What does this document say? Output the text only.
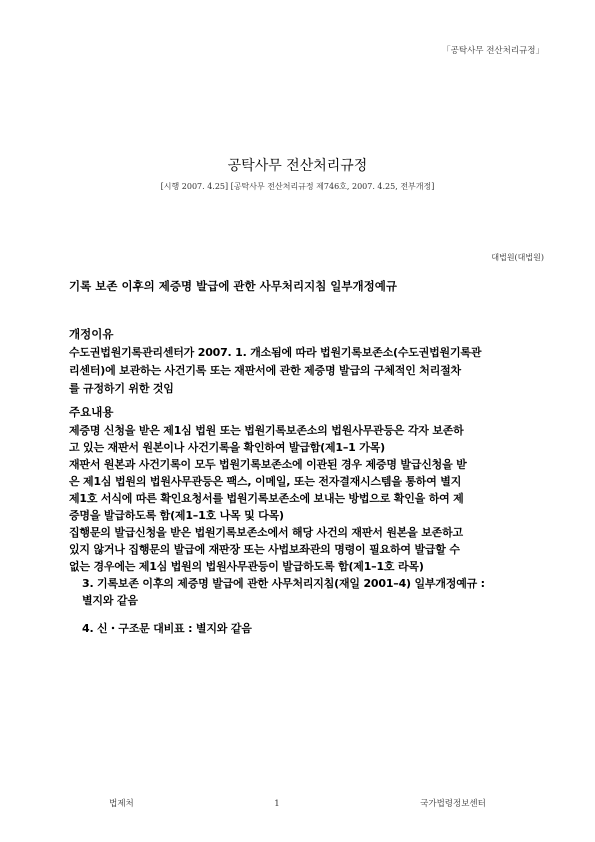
「공탁사무 전산처리규정」
공탁사무 전산처리규정
[시행 2007. 4.25] [공탁사무 전산처리규정 제746호, 2007. 4.25, 전부개정]
대법원(대법원)
기록 보존 이후의 제증명 발급에 관한 사무처리지침 일부개정예규
개정이유
수도권법원기록관리센터가 2007. 1. 개소됨에 따라 법원기록보존소(수도권법원기록관
리센터)에 보관하는 사건기록 또는 재판서에 관한 제증명 발급의 구체적인 처리절차
를 규정하기 위한 것임
주요내용
제증명 신청을 받은 제1심 법원 또는 법원기록보존소의 법원사무관등은 각자 보존하
고 있는 재판서 원본이나 사건기록을 확인하여 발급함(제1–1 가목)
재판서 원본과 사건기록이 모두 법원기록보존소에 이관된 경우 제증명 발급신청을 받
은 제1심 법원의 법원사무관등은 팩스, 이메일, 또는 전자결재시스템을 통하여 별지
제1호 서식에 따른 확인요청서를 법원기록보존소에 보내는 방법으로 확인을 하여 제
증명을 발급하도록 함(제1–1호 나목 및 다목)
집행문의 발급신청을 받은 법원기록보존소에서 해당 사건의 재판서 원본을 보존하고
있지 않거나 집행문의 발급에 재판장 또는 사법보좌관의 명령이 필요하여 발급할 수
없는 경우에는 제1심 법원의 법원사무관등이 발급하도록 함(제1–1호 라목)
3. 기록보존 이후의 제증명 발급에 관한 사무처리지침(재일 2001–4) 일부개정예규 :
별지와 같음
4. 신・구조문 대비표 : 별지와 같음
법제처                                                    1                                                    국가법령정보센터
